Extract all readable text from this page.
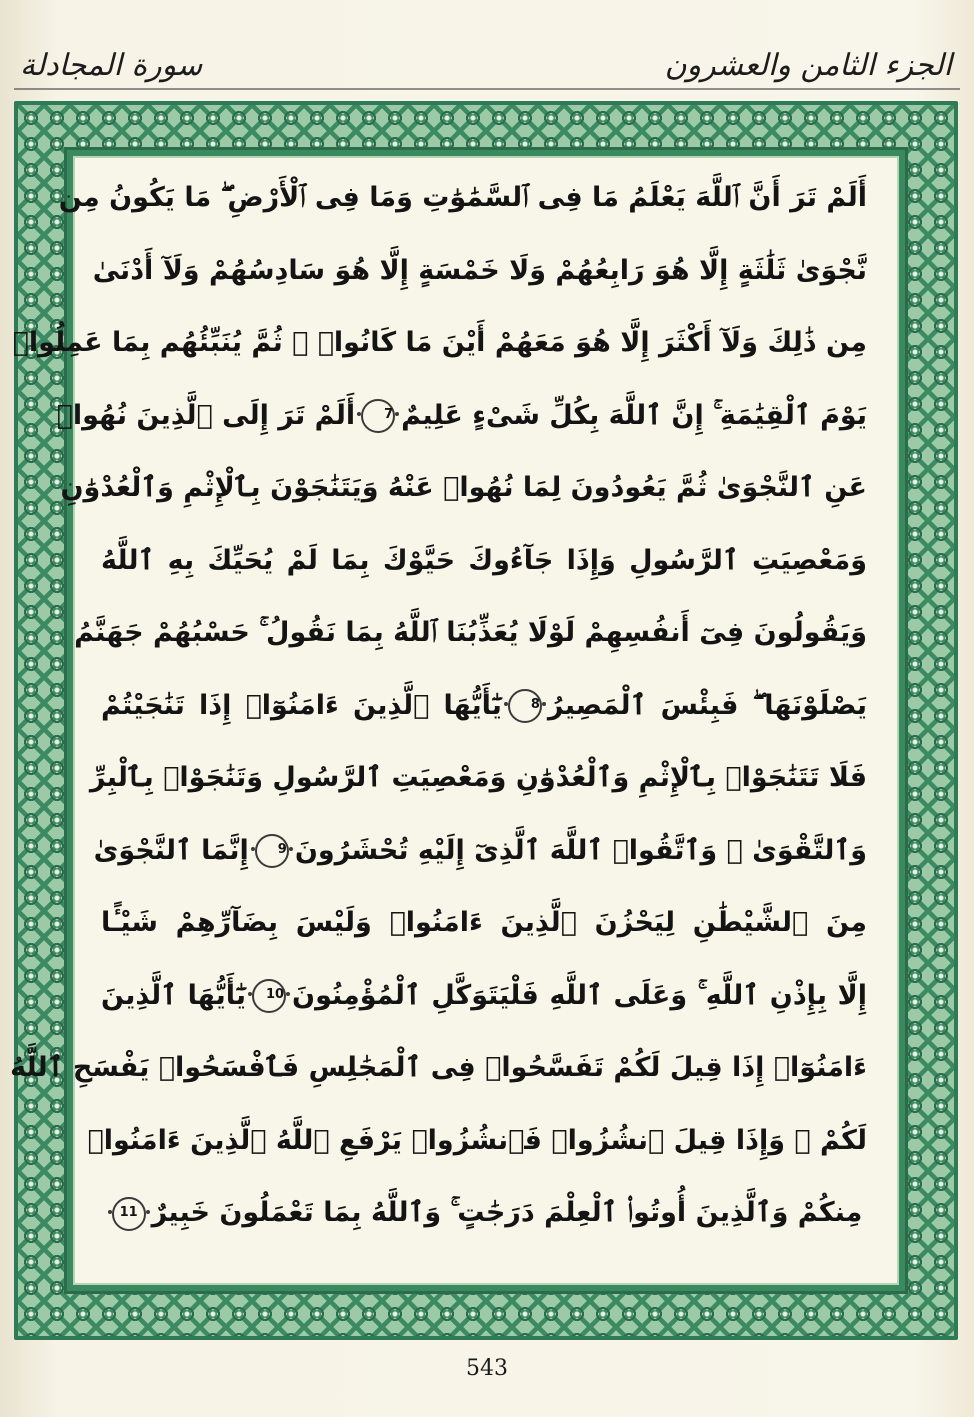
سورة المجادلة	الجزء الثامن والعشرون
أَلَمْ تَرَ أَنَّ ٱللَّهَ يَعْلَمُ مَا فِى ٱلسَّمَٰوَٰتِ وَمَا فِى ٱلْأَرْضِ ۖ مَا يَكُونُ مِن
نَّجْوَىٰ ثَلَٰثَةٍ إِلَّا هُوَ رَابِعُهُمْ وَلَا خَمْسَةٍ إِلَّا هُوَ سَادِسُهُمْ وَلَآ أَدْنَىٰ
مِن ذَٰلِكَ وَلَآ أَكْثَرَ إِلَّا هُوَ مَعَهُمْ أَيْنَ مَا كَانُوا۟ ۖ ثُمَّ يُنَبِّئُهُم بِمَا عَمِلُوا۟
يَوْمَ ٱلْقِيَٰمَةِ ۚ إِنَّ ٱللَّهَ بِكُلِّ شَىْءٍ عَلِيمٌ7أَلَمْ تَرَ إِلَى ٱلَّذِينَ نُهُوا۟
عَنِ ٱلنَّجْوَىٰ ثُمَّ يَعُودُونَ لِمَا نُهُوا۟ عَنْهُ وَيَتَنَٰجَوْنَ بِٱلْإِثْمِ وَٱلْعُدْوَٰنِ
وَمَعْصِيَتِ ٱلرَّسُولِ وَإِذَا جَآءُوكَ حَيَّوْكَ بِمَا لَمْ يُحَيِّكَ بِهِ ٱللَّهُ
وَيَقُولُونَ فِىٓ أَنفُسِهِمْ لَوْلَا يُعَذِّبُنَا ٱللَّهُ بِمَا نَقُولُ ۚ حَسْبُهُمْ جَهَنَّمُ
يَصْلَوْنَهَا ۖ فَبِئْسَ ٱلْمَصِيرُ8يَٰٓأَيُّهَا ٱلَّذِينَ ءَامَنُوٓا۟ إِذَا تَنَٰجَيْتُمْ
فَلَا تَتَنَٰجَوْا۟ بِٱلْإِثْمِ وَٱلْعُدْوَٰنِ وَمَعْصِيَتِ ٱلرَّسُولِ وَتَنَٰجَوْا۟ بِٱلْبِرِّ
وَٱلتَّقْوَىٰ ۖ وَٱتَّقُوا۟ ٱللَّهَ ٱلَّذِىٓ إِلَيْهِ تُحْشَرُونَ9إِنَّمَا ٱلنَّجْوَىٰ
مِنَ ٱلشَّيْطَٰنِ لِيَحْزُنَ ٱلَّذِينَ ءَامَنُوا۟ وَلَيْسَ بِضَآرِّهِمْ شَيْـًٔا
إِلَّا بِإِذْنِ ٱللَّهِ ۚ وَعَلَى ٱللَّهِ فَلْيَتَوَكَّلِ ٱلْمُؤْمِنُونَ10يَٰٓأَيُّهَا ٱلَّذِينَ
ءَامَنُوٓا۟ إِذَا قِيلَ لَكُمْ تَفَسَّحُوا۟ فِى ٱلْمَجَٰلِسِ فَٱفْسَحُوا۟ يَفْسَحِ ٱللَّهُ
لَكُمْ ۖ وَإِذَا قِيلَ ٱنشُزُوا۟ فَٱنشُزُوا۟ يَرْفَعِ ٱللَّهُ ٱلَّذِينَ ءَامَنُوا۟
مِنكُمْ وَٱلَّذِينَ أُوتُوا۟ ٱلْعِلْمَ دَرَجَٰتٍ ۚ وَٱللَّهُ بِمَا تَعْمَلُونَ خَبِيرٌ11
543
